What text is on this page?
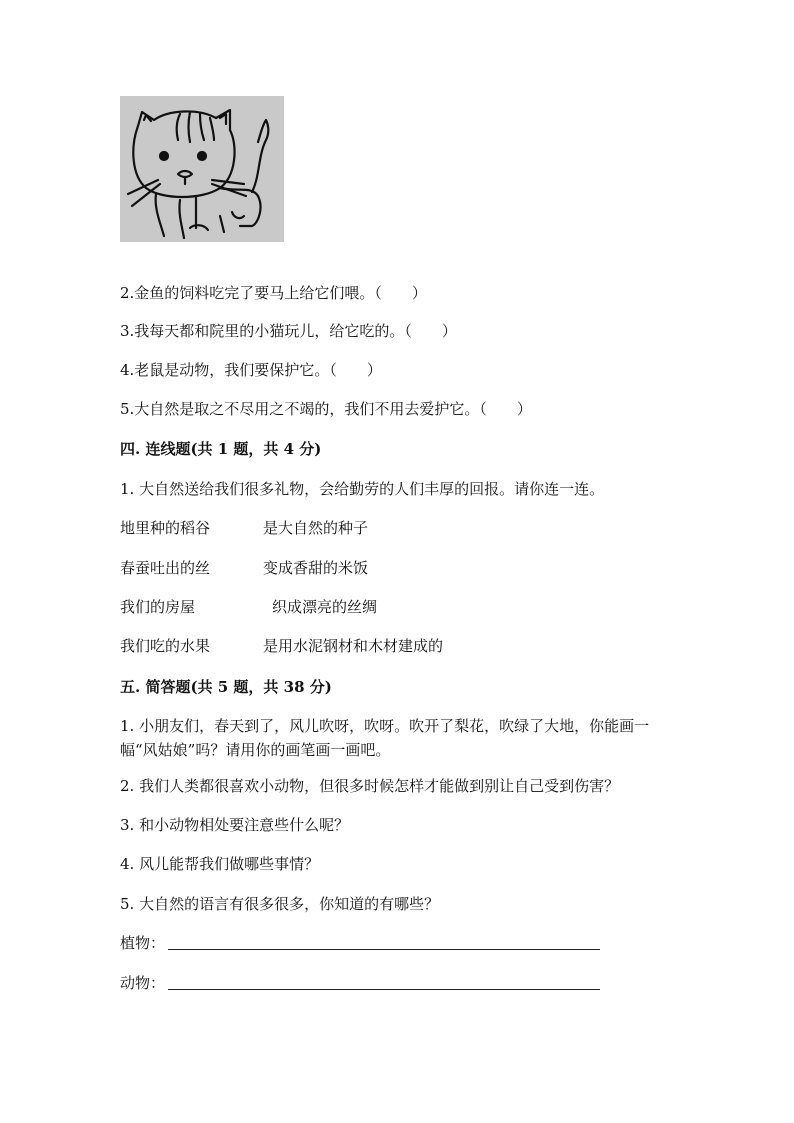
2.金鱼的饲料吃完了要马上给它们喂。（　　）
3.我每天都和院里的小猫玩儿，给它吃的。（　　）
4.老鼠是动物，我们要保护它。（　　）
5.大自然是取之不尽用之不竭的，我们不用去爱护它。（　　）
四. 连线题(共 1 题，共 4 分)
1. 大自然送给我们很多礼物，会给勤劳的人们丰厚的回报。请你连一连。
地里种的稻谷	是大自然的种子
春蚕吐出的丝	变成香甜的米饭
我们的房屋	织成漂亮的丝绸
我们吃的水果	是用水泥钢材和木材建成的
五. 简答题(共 5 题，共 38 分)
1. 小朋友们，春天到了，风儿吹呀，吹呀。吹开了梨花，吹绿了大地，你能画一幅“风姑娘”吗？请用你的画笔画一画吧。
2. 我们人类都很喜欢小动物，但很多时候怎样才能做到别让自己受到伤害？
3. 和小动物相处要注意些什么呢？
4. 风儿能帮我们做哪些事情？
5. 大自然的语言有很多很多，你知道的有哪些？
植物：
动物：
